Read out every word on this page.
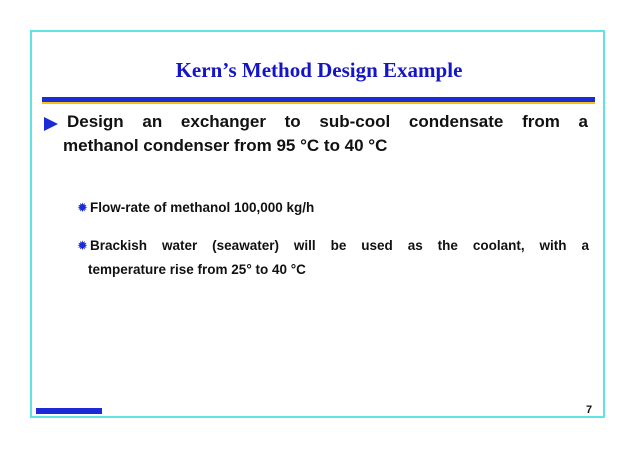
Kern’s Method Design Example
Design an exchanger to sub-cool condensate from a
methanol condenser from 95 °C to 40 °C
✹ Flow-rate of methanol 100,000 kg/h
✹ Brackish water (seawater) will be used as the coolant, with a
temperature rise from 25° to 40 °C
7
